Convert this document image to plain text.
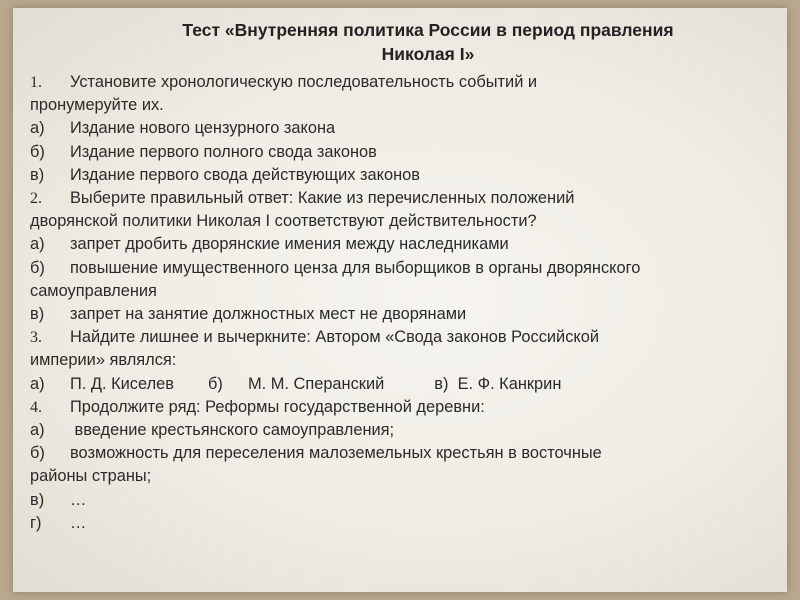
Тест «Внутренняя политика России в период правления
Николая I»
1. Установите хронологическую последовательность событий и
пронумеруйте их.
а) Издание нового цензурного закона
б) Издание первого полного свода законов
в) Издание первого свода действующих законов
2. Выберите правильный ответ: Какие из перечисленных положений
дворянской политики Николая I соответствуют действительности?
а) запрет дробить дворянские имения между наследниками
б) повышение имущественного ценза для выборщиков в органы дворянского
самоуправления
в) запрет на занятие должностных мест не дворянами
3. Найдите лишнее и вычеркните: Автором «Свода законов Российской
империи» являлся:
а) П. Д. Киселев б) М. М. Сперанский	в) Е. Ф. Канкрин
4. Продолжите ряд: Реформы государственной деревни:
а) введение крестьянского самоуправления;
б) возможность для переселения малоземельных крестьян в восточные
районы страны;
в) …
г) …
